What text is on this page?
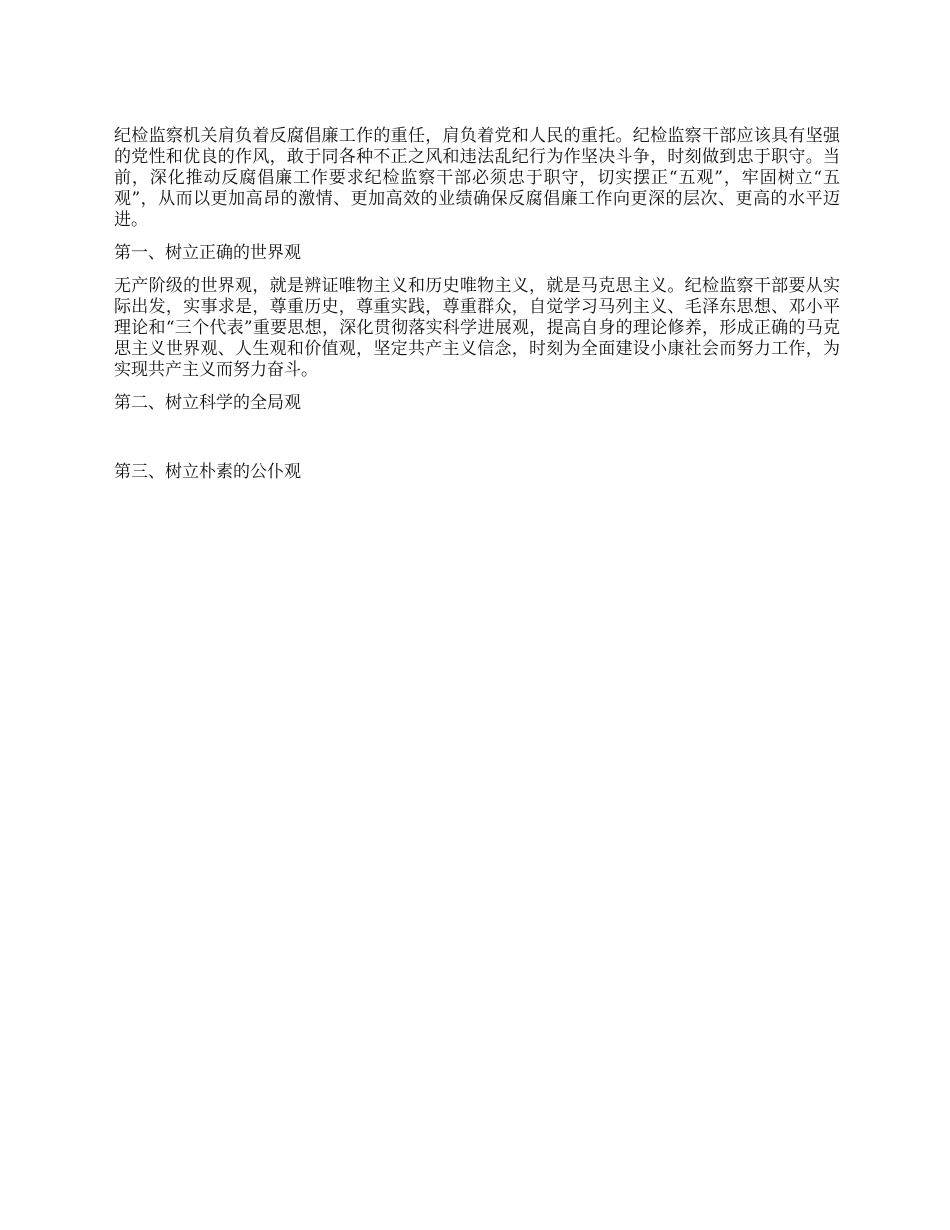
纪检监察机关肩负着反腐倡廉工作的重任，肩负着党和人民的重托。纪检监察干部应该具有坚强的党性和优良的作风，敢于同各种不正之风和违法乱纪行为作坚决斗争，时刻做到忠于职守。当前，深化推动反腐倡廉工作要求纪检监察干部必须忠于职守，切实摆正“五观”，牢固树立“五观”，从而以更加高昂的激情、更加高效的业绩确保反腐倡廉工作向更深的层次、更高的水平迈进。

第一、树立正确的世界观

无产阶级的世界观，就是辨证唯物主义和历史唯物主义，就是马克思主义。纪检监察干部要从实际出发，实事求是，尊重历史，尊重实践，尊重群众，自觉学习马列主义、毛泽东思想、邓小平理论和“三个代表”重要思想，深化贯彻落实科学进展观，提高自身的理论修养，形成正确的马克思主义世界观、人生观和价值观，坚定共产主义信念，时刻为全面建设小康社会而努力工作，为实现共产主义而努力奋斗。

第二、树立科学的全局观

第三、树立朴素的公仆观
